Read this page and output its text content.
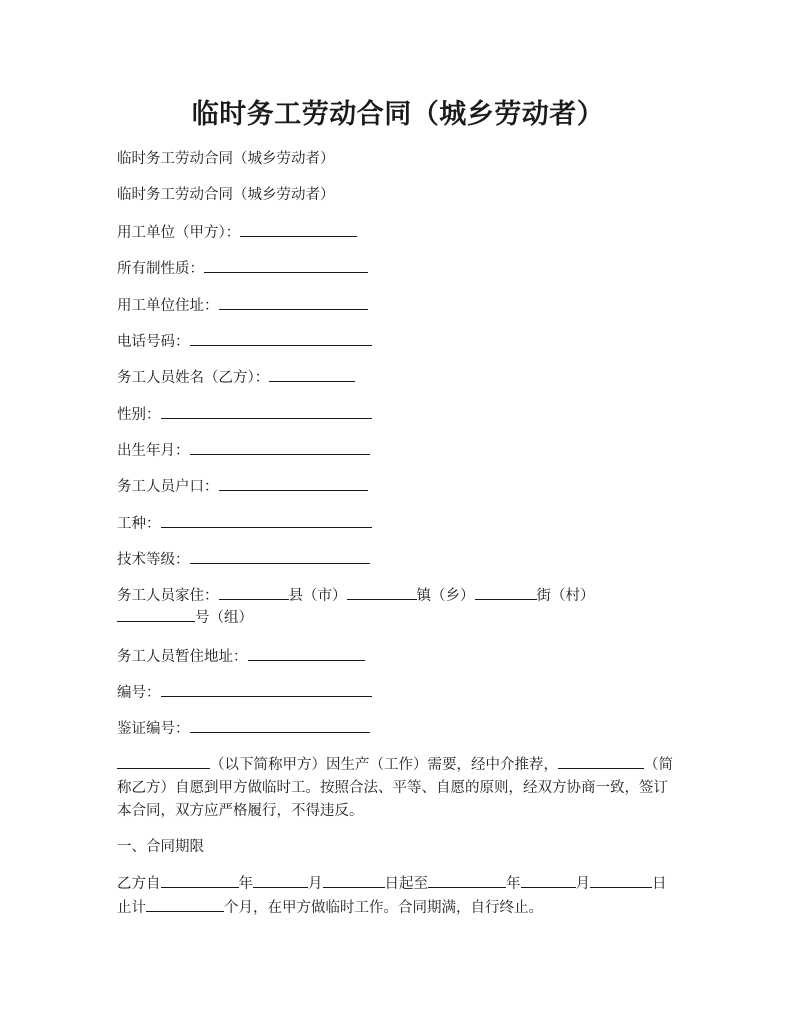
临时务工劳动合同（城乡劳动者）
临时务工劳动合同（城乡劳动者）
临时务工劳动合同（城乡劳动者）
用工单位（甲方）：
所有制性质：
用工单位住址：
电话号码：
务工人员姓名（乙方）：
性别：
出生年月：
务工人员户口：
工种：
技术等级：
务工人员家住：	县（市）	镇（乡）	街（村）
号（组）
务工人员暂住地址：
编号：
鉴证编号：
（以下简称甲方）因生产（工作）需要，经中介推荐，	（简称乙方）自愿到甲方做临时工。按照合法、平等、自愿的原则，经双方协商一致，签订本合同，双方应严格履行，不得违反。
一、合同期限
乙方自	年	月	日起至	年	月	日止计	个月，在甲方做临时工作。合同期满，自行终止。
